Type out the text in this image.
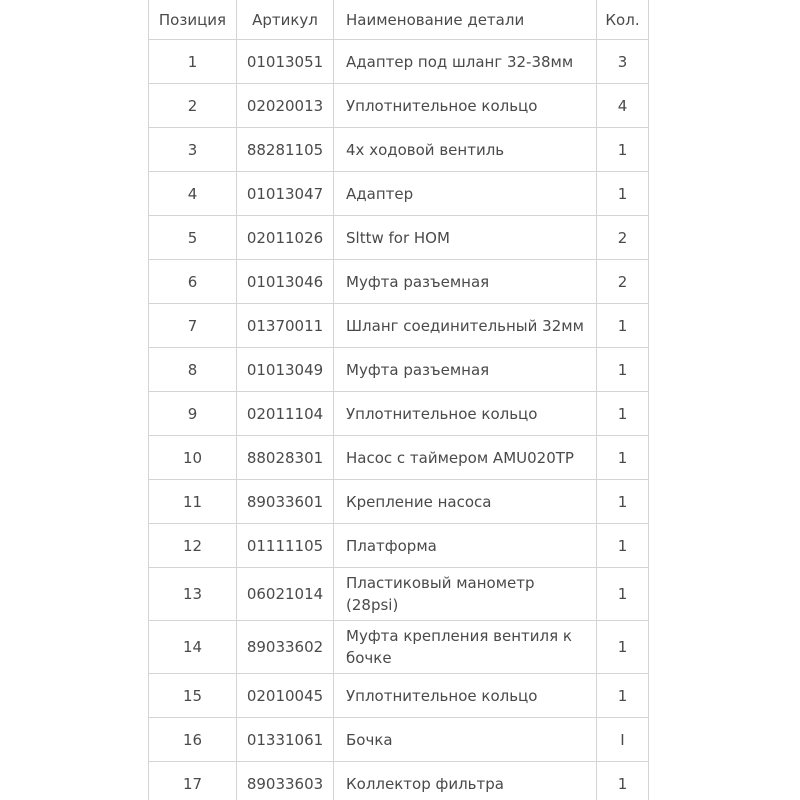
Позиция	Артикул	Наименование детали	Кол.
1	01013051	Адаптер под шланг 32-38мм	3
2	02020013	Уплотнительное кольцо	4
3	88281105	4х ходовой вентиль	1
4	01013047	Адаптер	1
5	02011026	Slttw for HOM	2
6	01013046	Муфта разъемная	2
7	01370011	Шланг соединительный 32мм	1
8	01013049	Муфта разъемная	1
9	02011104	Уплотнительное кольцо	1
10	88028301	Насос с таймером AMU020TP	1
11	89033601	Крепление насоса	1
12	01111105	Платформа	1
13	06021014	Пластиковый манометр (28psi)	1
14	89033602	Муфта крепления вентиля к бочке	1
15	02010045	Уплотнительное кольцо	1
16	01331061	Бочка	I
17	89033603	Коллектор фильтра	1
